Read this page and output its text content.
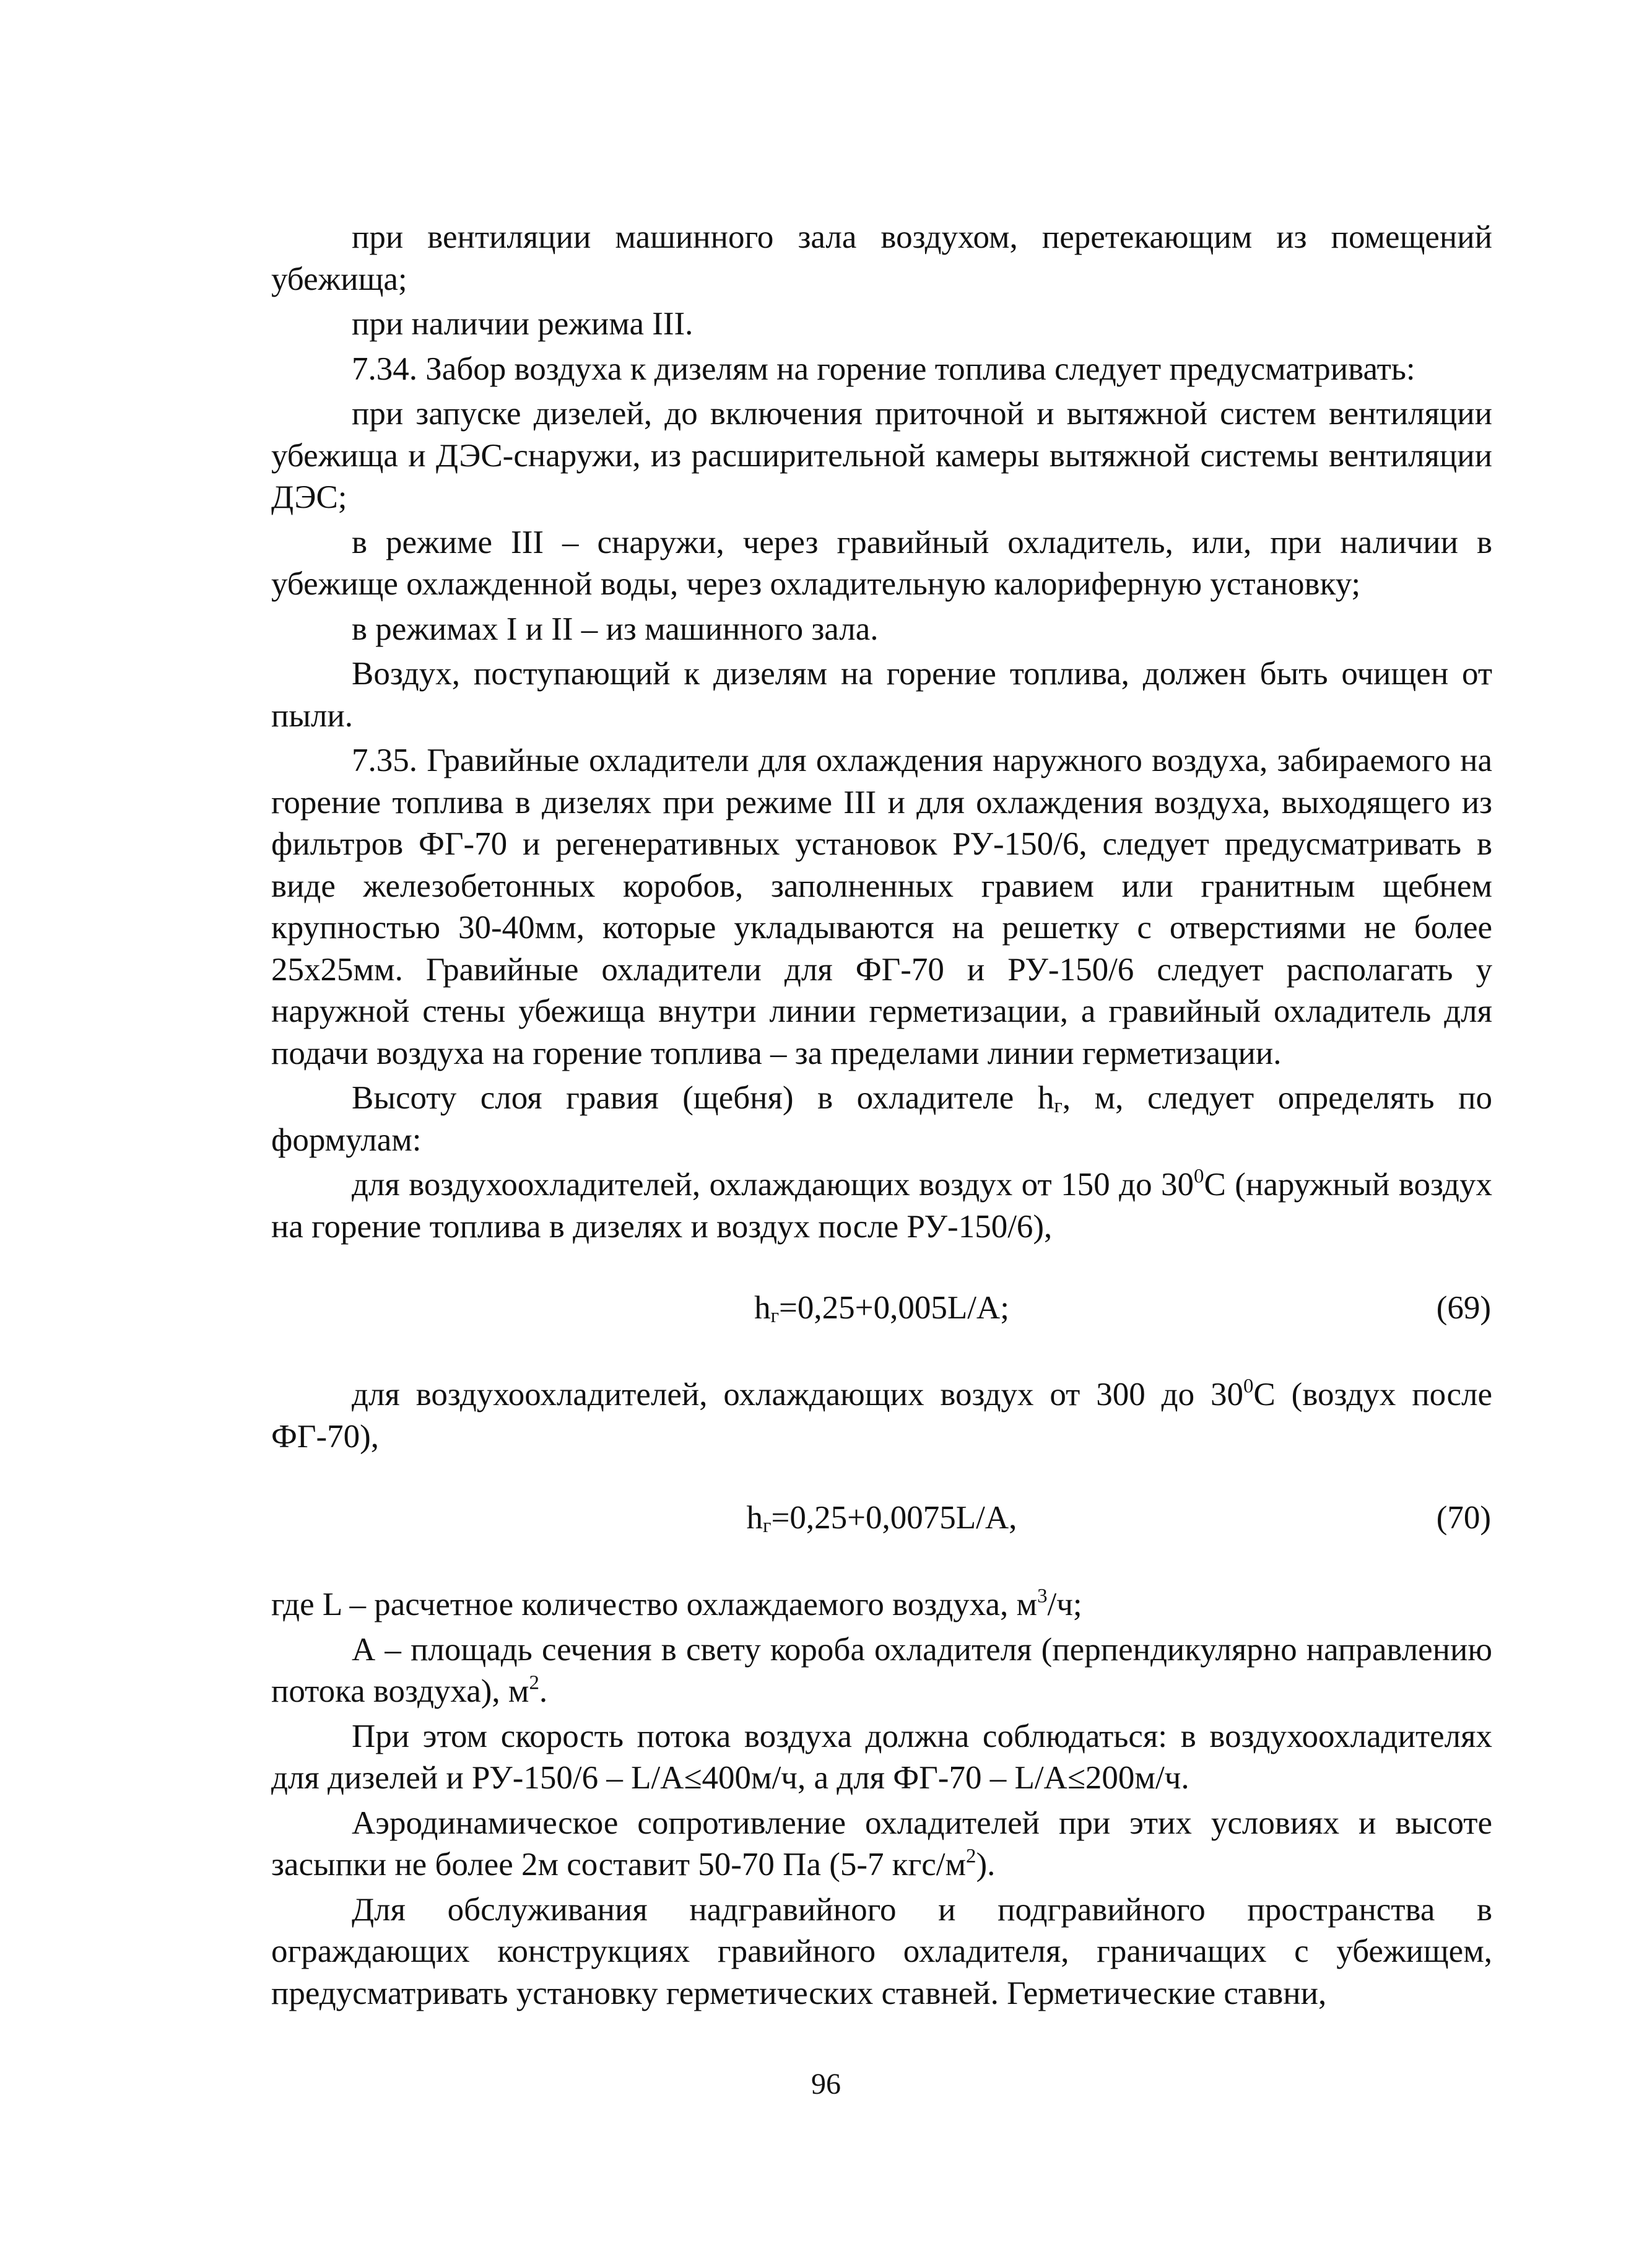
при вентиляции машинного зала воздухом, перетекающим из помещений убежища;

при наличии режима III.

7.34. Забор воздуха к дизелям на горение топлива следует предусматривать:

при запуске дизелей, до включения приточной и вытяжной систем вентиляции убежища и ДЭС-снаружи, из расширительной камеры вытяжной системы вентиляции ДЭС;

в режиме III – снаружи, через гравийный охладитель, или, при наличии в убежище охлажденной воды, через охладительную калориферную установку;

в режимах I и II – из машинного зала.

Воздух, поступающий к дизелям на горение топлива, должен быть очищен от пыли.

7.35. Гравийные охладители для охлаждения наружного воздуха, забираемого на горение топлива в дизелях при режиме III и для охлаждения воздуха, выходящего из фильтров ФГ-70 и регенеративных установок РУ-150/6, следует предусматривать в виде железобетонных коробов, заполненных гравием или гранитным щебнем крупностью 30-40мм, которые укладываются на решетку с отверстиями не более 25х25мм. Гравийные охладители для ФГ-70 и РУ-150/6 следует располагать у наружной стены убежища внутри линии герметизации, а гравийный охладитель для подачи воздуха на горение топлива – за пределами линии герметизации.

Высоту слоя гравия (щебня) в охладителе $h_г$, м, следует определять по формулам:

для воздухоохладителей, охлаждающих воздух от 150 до $30^0С$ (наружный воздух на горение топлива в дизелях и воздух после РУ-150/6),

$h_г=0,25+0,005L/A$;	(69)

для воздухоохладителей, охлаждающих воздух от 300 до $30^0С$ (воздух после ФГ-70),

$h_г=0,25+0,0075L/A$,	(70)

где L – расчетное количество охлаждаемого воздуха, $м^3/ч$;

А – площадь сечения в свету короба охладителя (перпендикулярно направлению потока воздуха), $м^2$.

При этом скорость потока воздуха должна соблюдаться: в воздухоохладителях для дизелей и РУ-150/6 – L/A≤400м/ч, а для ФГ-70 – L/A≤200м/ч.

Аэродинамическое сопротивление охладителей при этих условиях и высоте засыпки не более 2м составит 50-70 Па (5-7 кгс/$м^2$).

Для обслуживания надгравийного и подгравийного пространства в ограждающих конструкциях гравийного охладителя, граничащих с убежищем, предусматривать установку герметических ставней. Герметические ставни,

96
